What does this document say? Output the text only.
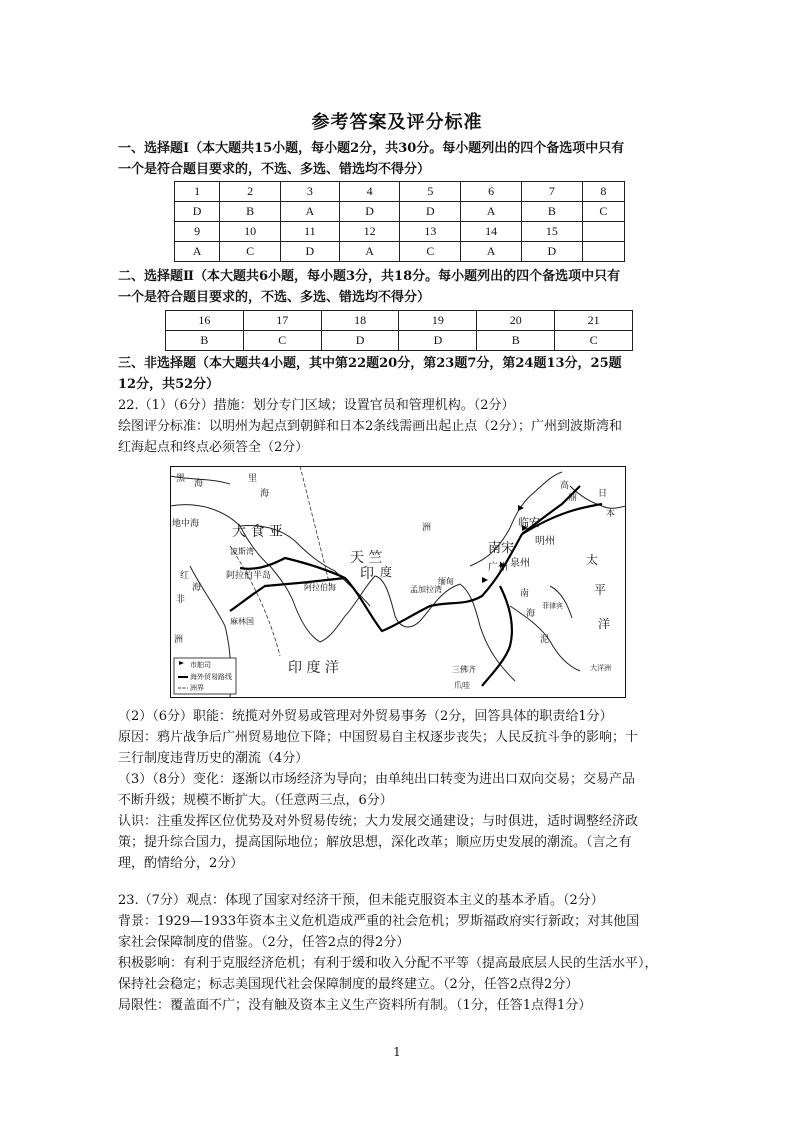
参考答案及评分标准
一、选择题Ⅰ（本大题共15小题，每小题2分，共30分。每小题列出的四个备选项中只有
一个是符合题目要求的，不选、多选、错选均不得分）
1	2	3	4	5	6	7	8
D	B	A	D	D	A	B	C
9	10	11	12	13	14	15	
A	C	D	A	C	A	D	
二、选择题Ⅱ（本大题共6小题，每小题3分，共18分。每小题列出的四个备选项中只有
一个是符合题目要求的，不选、多选、错选均不得分）
16	17	18	19	20	21
B	C	D	D	B	C
三、非选择题（本大题共4小题，其中第22题20分，第23题7分，第24题13分，25题
12分，共52分）
22.（1）（6分）措施：划分专门区域；设置官员和管理机构。（2分）
绘图评分标准：以明州为起点到朝鲜和日本2条线需画出起止点（2分）；广州到波斯湾和
红海起点和终点必须答全（2分）
黑 海	里
海
地中海 大 食 亚
波斯湾
阿拉伯半岛
红
海
非
洲
阿拉伯海
麻林国
天 竺
印 度
孟加拉湾
缅甸
洲	临安
南宋 明州
广州 泉州
高
丽 日
本
太
平
洋
南
海
菲律宾
泥
三佛齐
爪哇
印 度 洋	大洋洲
市舶司
海外贸易路线
洲界
（2）（6分）职能：统揽对外贸易或管理对外贸易事务（2分，回答具体的职责给1分）
原因：鸦片战争后广州贸易地位下降；中国贸易自主权逐步丧失；人民反抗斗争的影响；十
三行制度违背历史的潮流（4分）
（3）（8分）变化：逐渐以市场经济为导向；由单纯出口转变为进出口双向交易；交易产品
不断升级；规模不断扩大。（任意两三点，6分）
认识：注重发挥区位优势及对外贸易传统；大力发展交通建设；与时俱进，适时调整经济政
策；提升综合国力，提高国际地位；解放思想，深化改革；顺应历史发展的潮流。（言之有
理，酌情给分，2分）
23.（7分）观点：体现了国家对经济干预，但未能克服资本主义的基本矛盾。（2分）
背景：1929—1933年资本主义危机造成严重的社会危机；罗斯福政府实行新政；对其他国
家社会保障制度的借鉴。（2分，任答2点的得2分）
积极影响：有利于克服经济危机；有利于缓和收入分配不平等（提高最底层人民的生活水平），
保持社会稳定；标志美国现代社会保障制度的最终建立。（2分，任答2点得2分）
局限性：覆盖面不广；没有触及资本主义生产资料所有制。（1分，任答1点得1分）
1
